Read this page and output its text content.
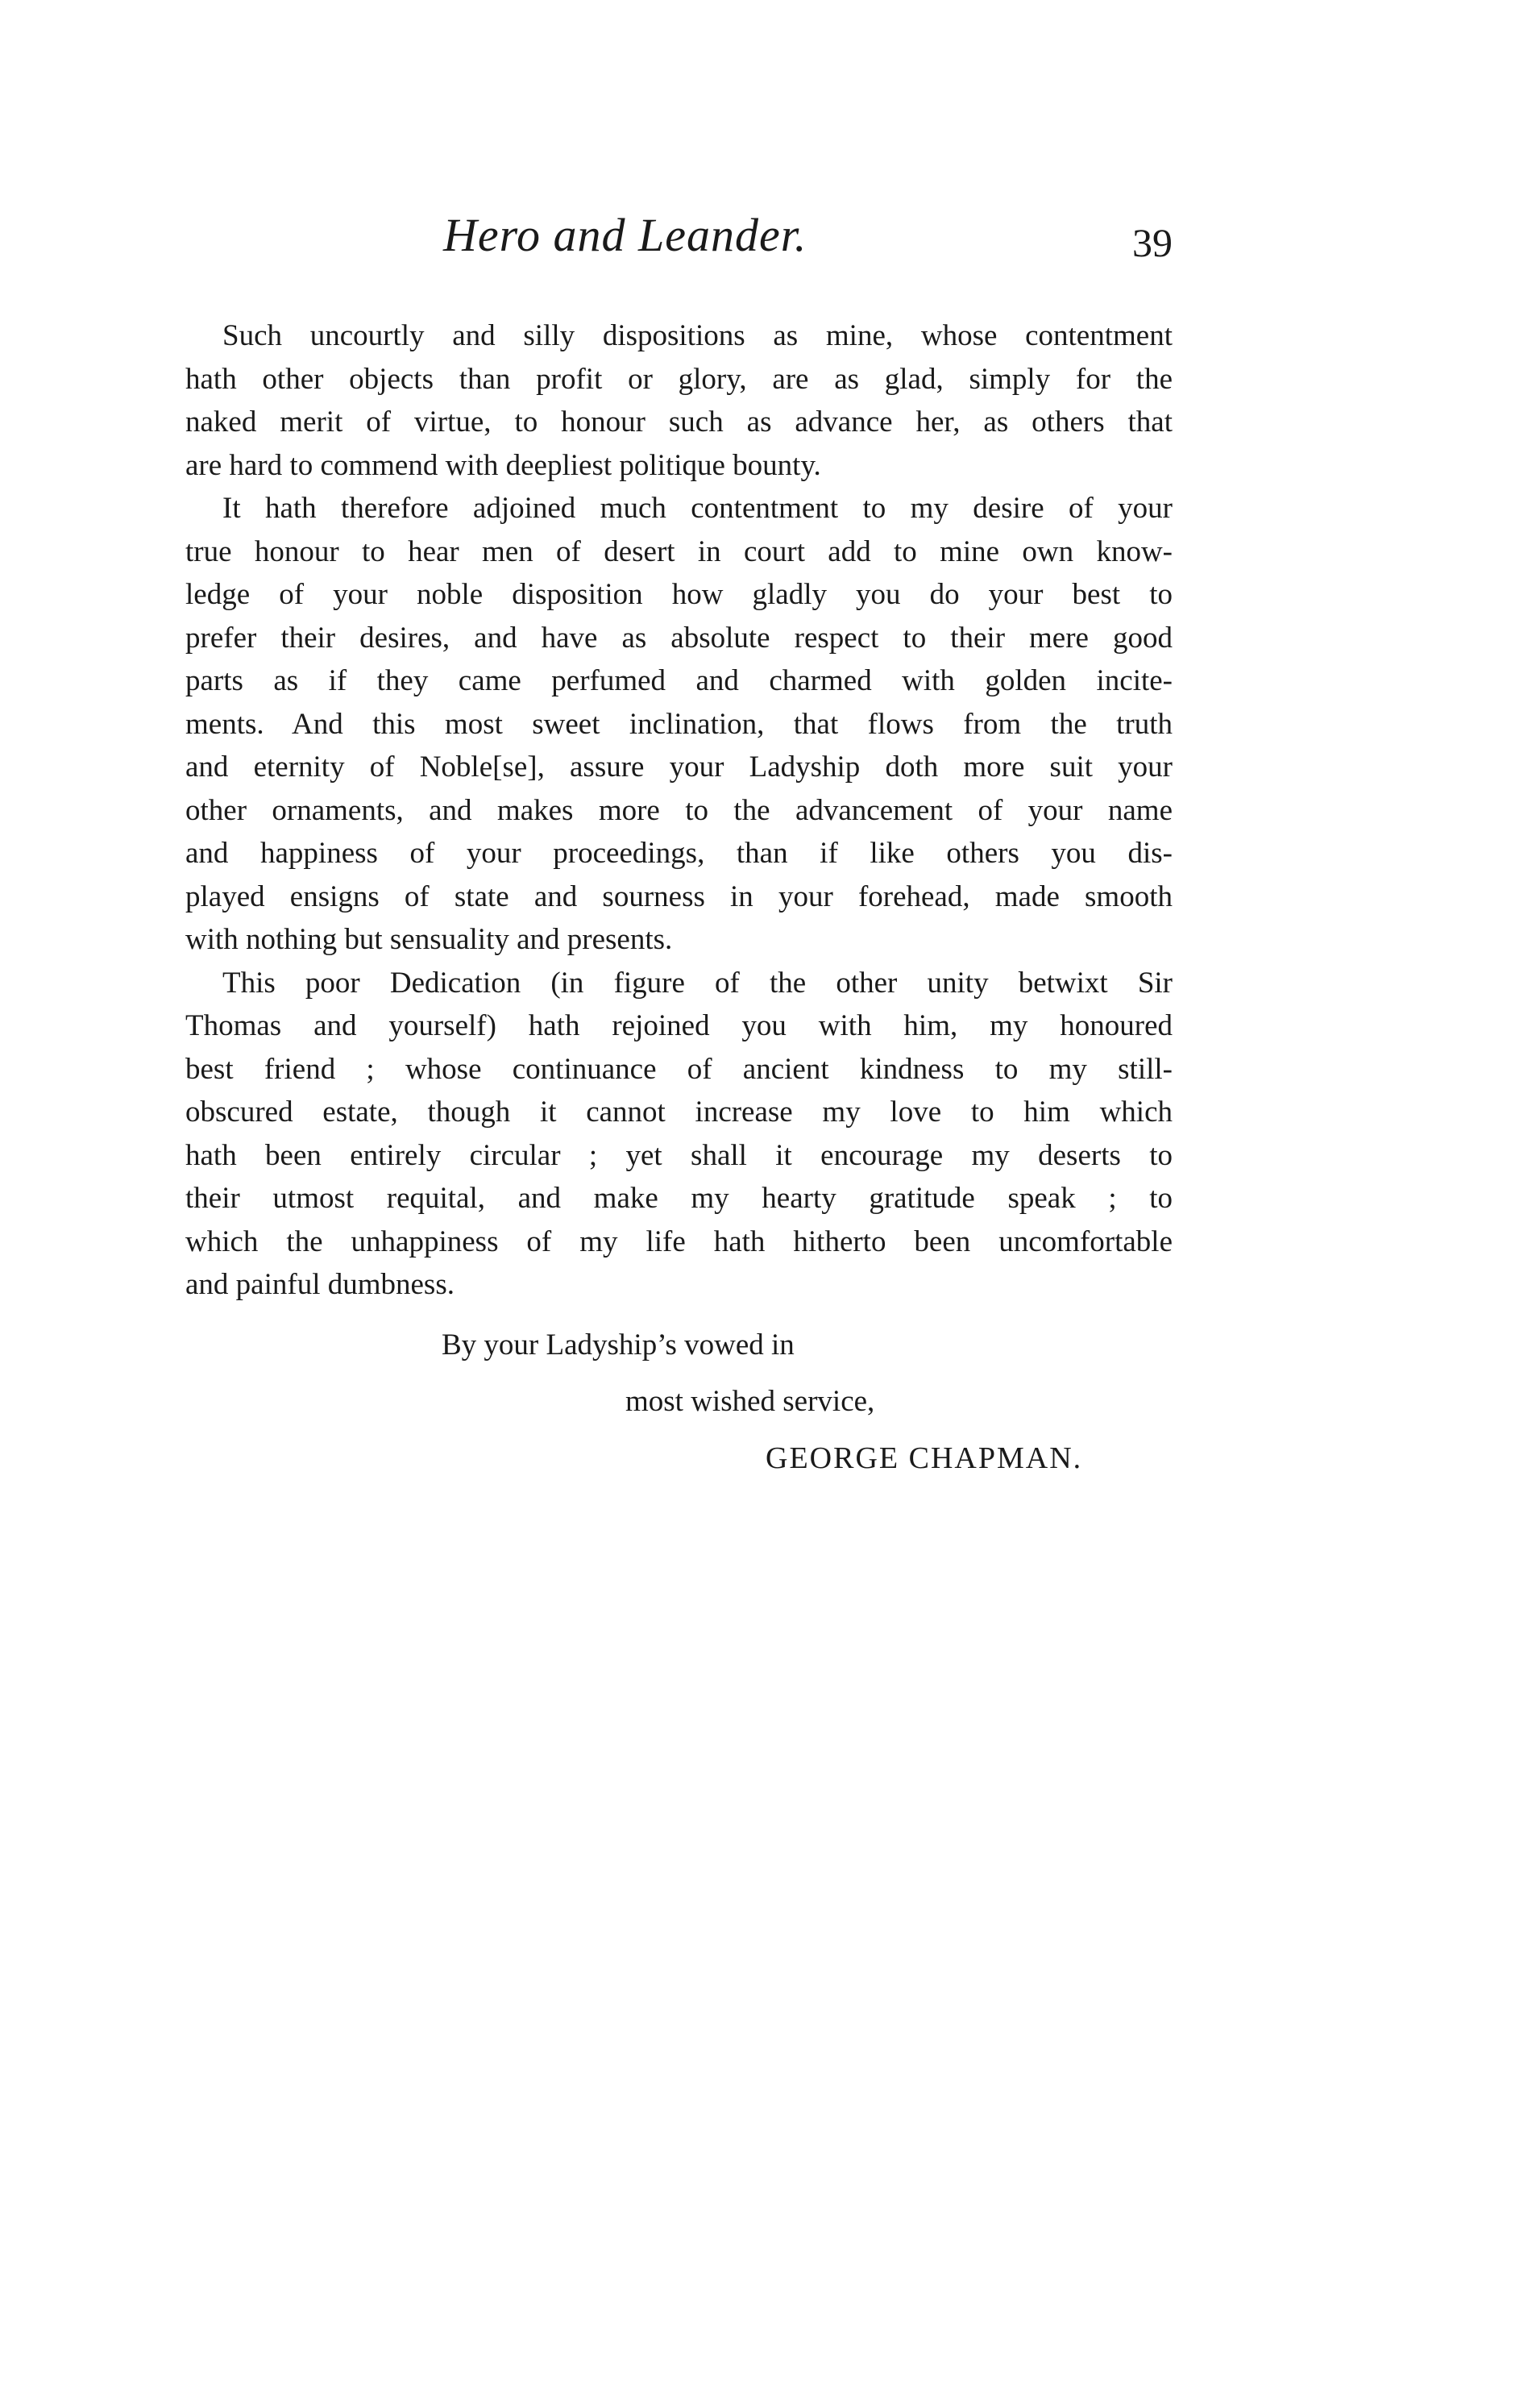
Hero and Leander.	39
Such uncourtly and silly dispositions as mine, whose contentment
hath other objects than profit or glory, are as glad, simply for the
naked merit of virtue, to honour such as advance her, as others that
are hard to commend with deepliest politique bounty.
It hath therefore adjoined much contentment to my desire of your
true honour to hear men of desert in court add to mine own know-
ledge of your noble disposition how gladly you do your best to
prefer their desires, and have as absolute respect to their mere good
parts as if they came perfumed and charmed with golden incite-
ments. And this most sweet inclination, that flows from the truth
and eternity of Noble[se], assure your Ladyship doth more suit your
other ornaments, and makes more to the advancement of your name
and happiness of your proceedings, than if like others you dis-
played ensigns of state and sourness in your forehead, made smooth
with nothing but sensuality and presents.
This poor Dedication (in figure of the other unity betwixt Sir
Thomas and yourself) hath rejoined you with him, my honoured
best friend ; whose continuance of ancient kindness to my still-
obscured estate, though it cannot increase my love to him which
hath been entirely circular ; yet shall it encourage my deserts to
their utmost requital, and make my hearty gratitude speak ; to
which the unhappiness of my life hath hitherto been uncomfortable
and painful dumbness.
By your Ladyship’s vowed in
most wished service,
GEORGE CHAPMAN.
